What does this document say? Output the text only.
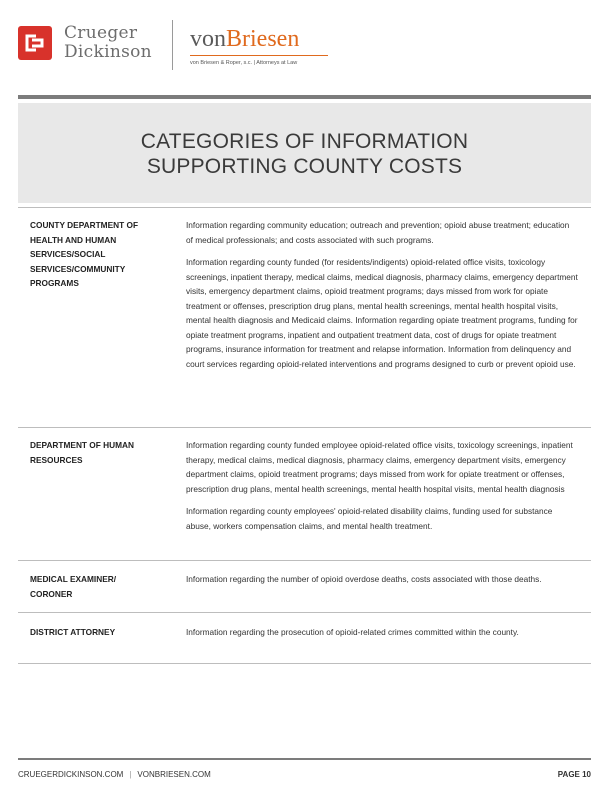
Crueger
Dickinson vonBriesen
von Briesen & Roper, s.c. | Attorneys at Law
CATEGORIES OF INFORMATION
SUPPORTING COUNTY COSTS
COUNTY DEPARTMENT OF HEALTH AND HUMAN SERVICES/SOCIAL SERVICES/COMMUNITY PROGRAMS

Information regarding community education; outreach and prevention; opioid abuse treatment; education of medical professionals; and costs associated with such programs.

Information regarding county funded (for residents/indigents) opioid-related office visits, toxicology screenings, inpatient therapy, medical claims, medical diagnosis, pharmacy claims, emergency department visits, emergency department claims, opioid treatment programs; days missed from work for opiate treatment or offenses, prescription drug plans, mental health screenings, mental health hospital visits, mental health diagnosis and Medicaid claims. Information regarding opiate treatment programs, funding for opiate treatment programs, inpatient and outpatient treatment data, cost of drugs for opiate treatment programs, insurance information for treatment and relapse information. Information from delinquency and court services regarding opioid-related interventions and programs designed to curb or prevent opioid use.

DEPARTMENT OF HUMAN RESOURCES

Information regarding county funded employee opioid-related office visits, toxicology screenings, inpatient therapy, medical claims, medical diagnosis, pharmacy claims, emergency department visits, emergency department claims, opioid treatment programs; days missed from work for opiate treatment or offenses, prescription drug plans, mental health screenings, mental health hospital visits, mental health diagnosis

Information regarding county employees' opioid-related disability claims, funding used for substance abuse, workers compensation claims, and mental health treatment.

MEDICAL EXAMINER/ CORONER

Information regarding the number of opioid overdose deaths, costs associated with those deaths.

DISTRICT ATTORNEY	Information regarding the prosecution of opioid-related crimes committed within the county.

CRUEGERDICKINSON.COM | VONBRIESEN.COM	PAGE 10
